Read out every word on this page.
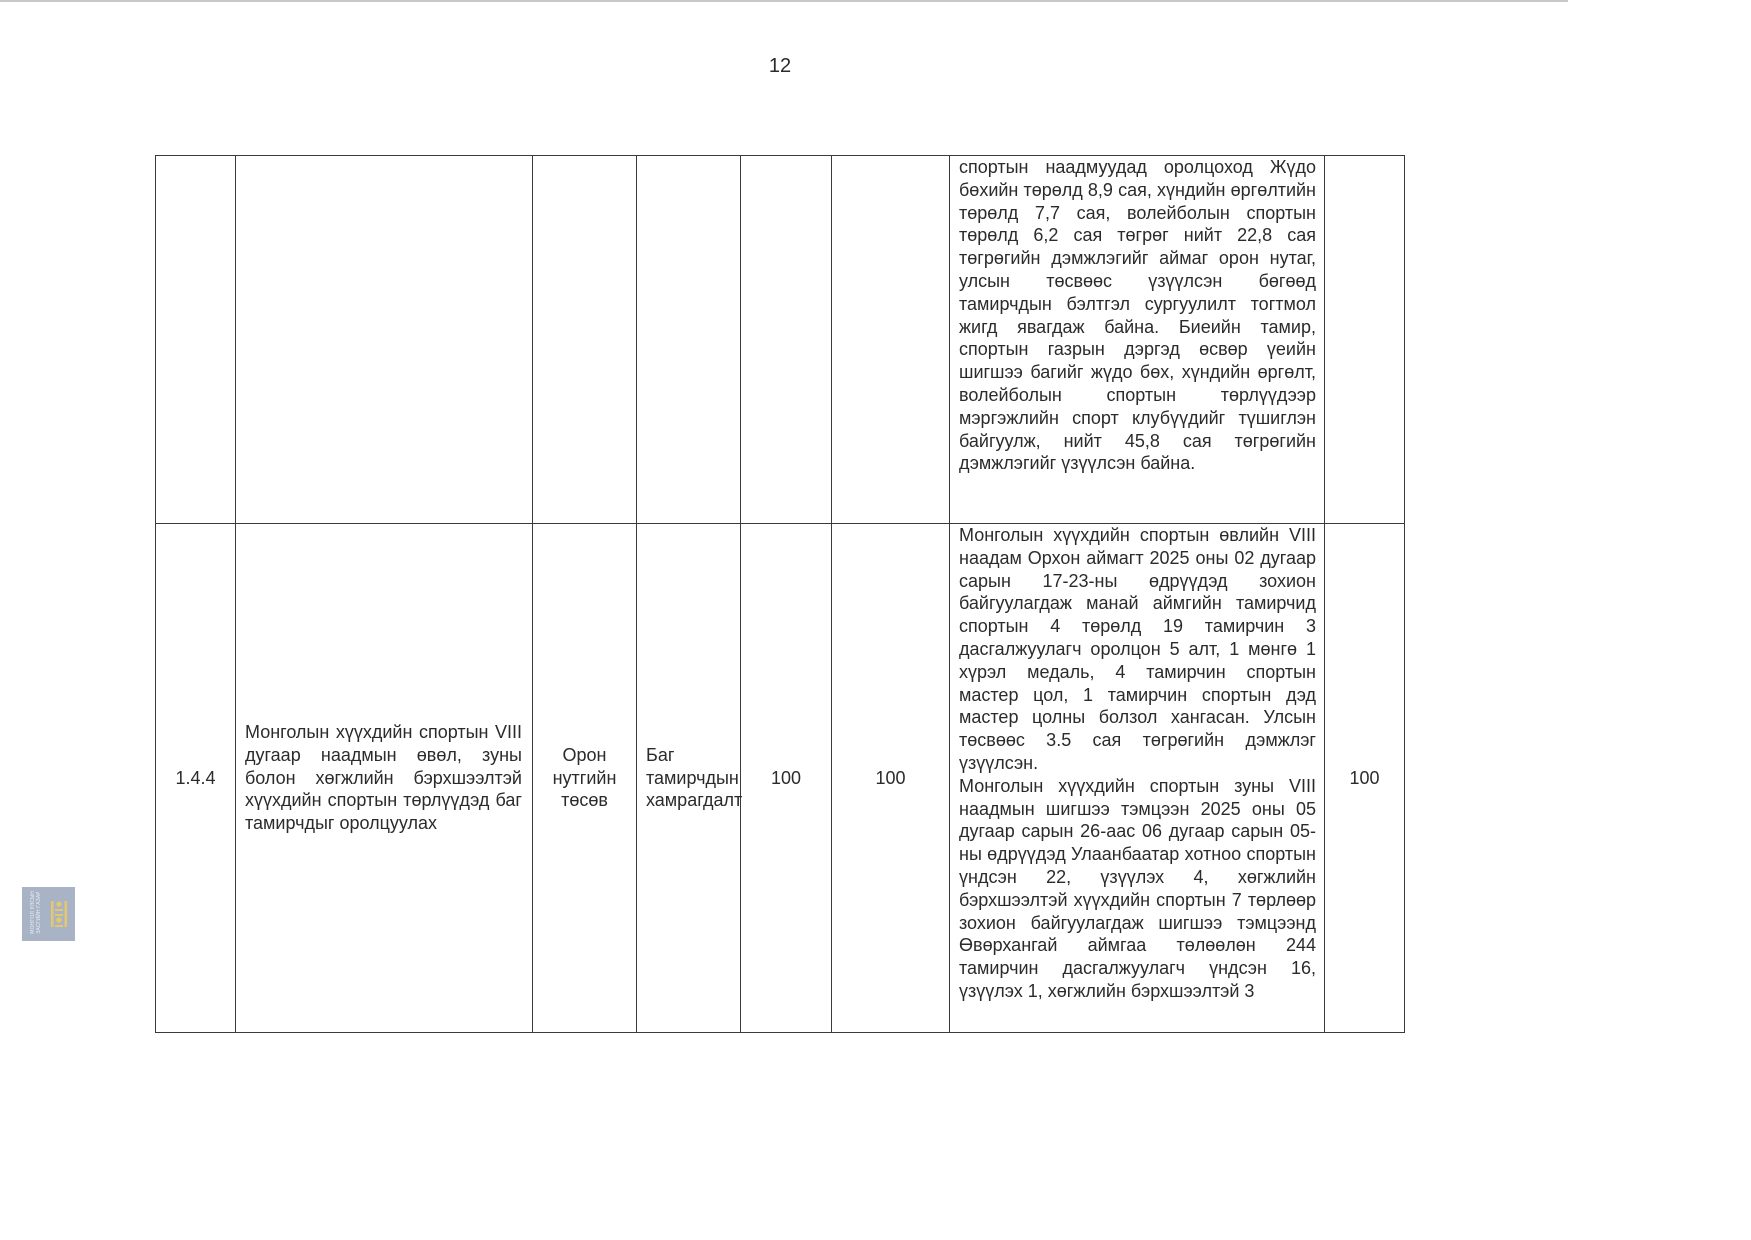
12

						спортын наадмуудад оролцоход Жүдо бөхийн төрөлд 8,9 сая, хүндийн өргөлтийн төрөлд 7,7 сая, волейболын спортын төрөлд 6,2 сая төгрөг нийт 22,8 сая төгрөгийн дэмжлэгийг аймаг орон нутаг, улсын төсвөөс үзүүлсэн бөгөөд тамирчдын бэлтгэл сургуулилт тогтмол жигд явагдаж байна. Биеийн тамир, спортын газрын дэргэд өсвөр үеийн шигшээ багийг жүдо бөх, хүндийн өргөлт, волейболын спортын төрлүүдээр мэргэжлийн спорт клубүүдийг түшиглэн байгуулж, нийт 45,8 сая төгрөгийн дэмжлэгийг үзүүлсэн байна.	

1.4.4	Монголын хүүхдийн спортын VIII дугаар наадмын өвөл, зуны болон хөгжлийн бэрхшээлтэй хүүхдийн спортын төрлүүдэд баг тамирчдыг оролцуулах	Орон нутгийн төсөв	Баг тамирчдын хамрагдалт	100	100	Монголын хүүхдийн спортын өвлийн VIII наадам Орхон аймагт 2025 оны 02 дугаар сарын 17-23-ны өдрүүдэд зохион байгуулагдаж манай аймгийн тамирчид спортын 4 төрөлд 19 тамирчин 3 дасгалжуулагч оролцон 5 алт, 1 мөнгө 1 хүрэл медаль, 4 тамирчин спортын мастер цол, 1 тамирчин спортын дэд мастер цолны болзол хангасан. Улсын төсвөөс 3.5 сая төгрөгийн дэмжлэг үзүүлсэн.

Монголын хүүхдийн спортын зуны VIII наадмын шигшээ тэмцээн 2025 оны 05 дугаар сарын 26-аас 06 дугаар сарын 05-ны өдрүүдэд Улаанбаатар хотноо спортын үндсэн 22, үзүүлэх 4, хөгжлийн бэрхшээлтэй хүүхдийн спортын 7 төрлөөр зохион байгуулагдаж шигшээ тэмцээнд Өвөрхангай аймгаа төлөөлөн 244 тамирчин дасгалжуулагч үндсэн 16, үзүүлэх 1, хөгжлийн бэрхшээлтэй 3	100
МОНГОЛ УЛСЫН
ЗАСГИЙН ГАЗАР
